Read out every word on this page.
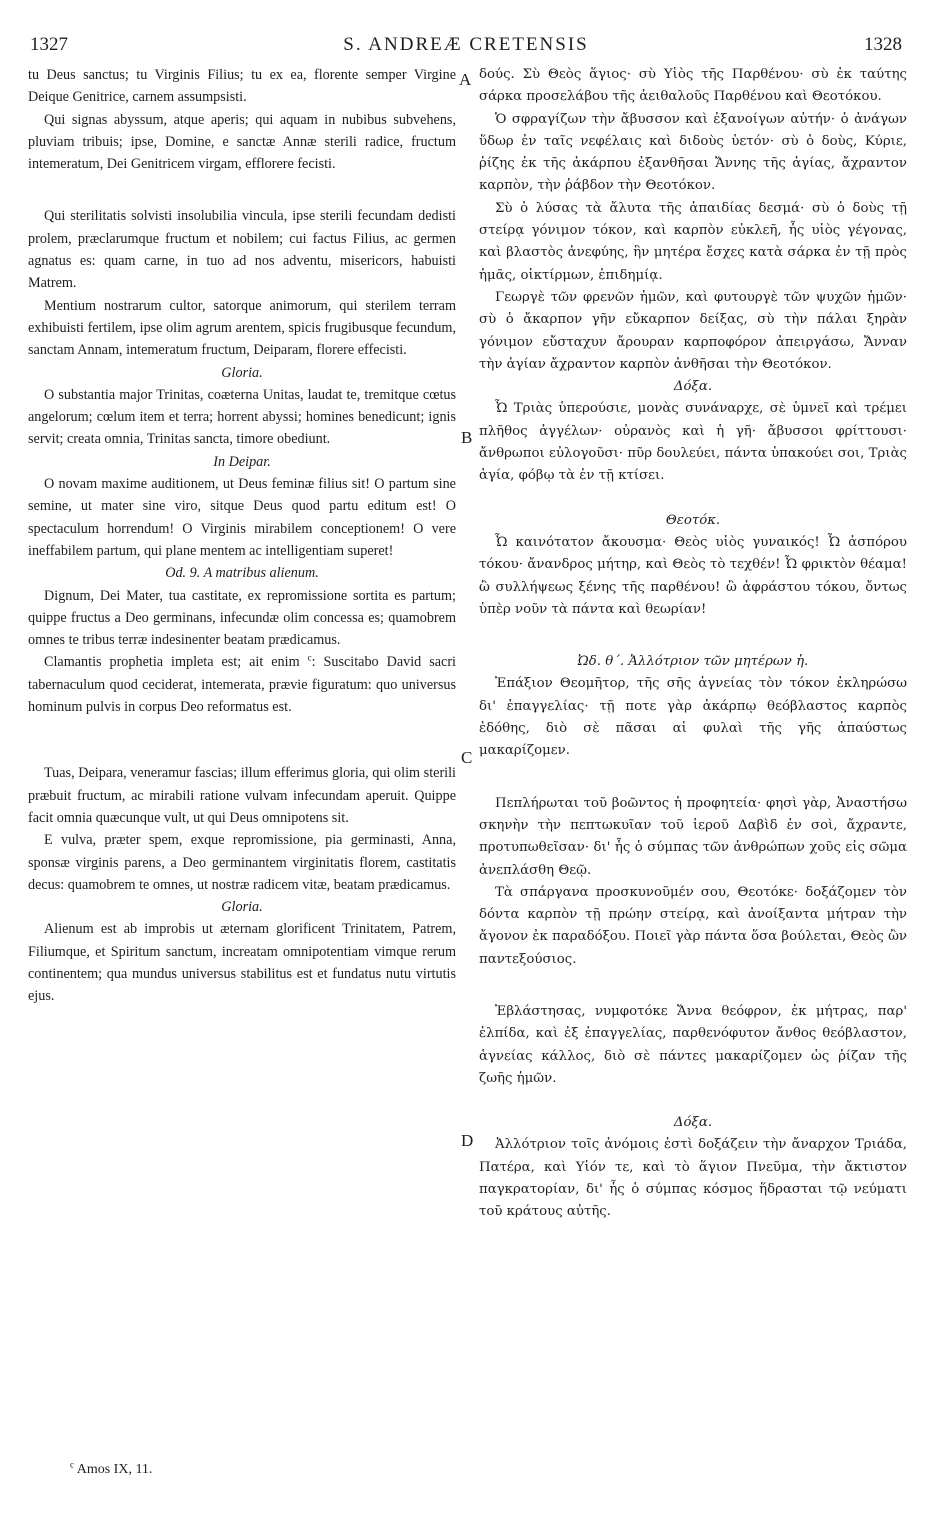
1327	S. ANDREÆ CRETENSIS	1328
A
B
C
D

tu Deus sanctus; tu Virginis Filius; tu ex ea, florente semper Virgine Deique Genitrice, carnem assumpsisti.

Qui signas abyssum, atque aperis; qui aquam in nubibus subvehens, pluviam tribuis; ipse, Domine, e sanctæ Annæ sterili radice, fructum intemeratum, Dei Genitricem virgam, efflorere fecisti.

Qui sterilitatis solvisti insolubilia vincula, ipse sterili fecundam dedisti prolem, præclarumque fructum et nobilem; cui factus Filius, ac germen agnatus es: quam carne, in tuo ad nos adventu, misericors, habuisti Matrem.

Mentium nostrarum cultor, satorque animorum, qui sterilem terram exhibuisti fertilem, ipse olim agrum arentem, spicis frugibusque fecundum, sanctam Annam, intemeratum fructum, Deiparam, florere effecisti.

Gloria.

O substantia major Trinitas, coæterna Unitas, laudat te, tremitque cœtus angelorum; cœlum item et terra; horrent abyssi; homines benedicunt; ignis servit; creata omnia, Trinitas sancta, timore obediunt.

In Deipar.

O novam maxime auditionem, ut Deus feminæ filius sit! O partum sine semine, ut mater sine viro, sitque Deus quod partu editum est! O spectaculum horrendum! O Virginis mirabilem conceptionem! O vere ineffabilem partum, qui plane mentem ac intelligentiam superet!

Od. 9. A matribus alienum.

Dignum, Dei Mater, tua castitate, ex repromissione sortita es partum; quippe fructus a Deo germinans, infecundæ olim concessa es; quamobrem omnes te tribus terræ indesinenter beatam prædicamus.

Clamantis prophetia impleta est; ait enim $^c$: Suscitabo David sacri tabernaculum quod ceciderat, intemerata, prævie figuratum: quo universus hominum pulvis in corpus Deo reformatus est.

Tuas, Deipara, veneramur fascias; illum efferimus gloria, qui olim sterili præbuit fructum, ac mirabili ratione vulvam infecundam aperuit. Quippe facit omnia quæcunque vult, ut qui Deus omnipotens sit.

E vulva, præter spem, exque repromissione, pia germinasti, Anna, sponsæ virginis parens, a Deo germinantem virginitatis florem, castitatis decus: quamobrem te omnes, ut nostræ radicem vitæ, beatam prædicamus.

Gloria.

Alienum est ab improbis ut æternam glorificent Trinitatem, Patrem, Filiumque, et Spiritum sanctum, increatam omnipotentiam vimque rerum continentem; qua mundus universus stabilitus est et fundatus nutu virtutis ejus.

δούς. Σὺ Θεὸς ἅγιος· σὺ Υἱὸς τῆς Παρθένου· σὺ ἐκ ταύτης σάρκα προσελάβου τῆς ἀειθαλοῦς Παρθένου καὶ Θεοτόκου.

Ὁ σφραγίζων τὴν ἄβυσσον καὶ ἐξανοίγων αὐτήν· ὁ ἀνάγων ὕδωρ ἐν ταῖς νεφέλαις καὶ διδοὺς ὑετόν· σὺ ὁ δοὺς, Κύριε, ῥίζης ἐκ τῆς ἀκάρπου ἐξανθῆσαι Ἄννης τῆς ἁγίας, ἄχραντον καρπὸν, τὴν ῥάβδον τὴν Θεοτόκον.

Σὺ ὁ λύσας τὰ ἄλυτα τῆς ἀπαιδίας δεσμά· σὺ ὁ δοὺς τῇ στείρᾳ γόνιμον τόκον, καὶ καρπὸν εὐκλεῆ, ἧς υἱὸς γέγονας, καὶ βλαστὸς ἀνεφύης, ἣν μητέρα ἔσχες κατὰ σάρκα ἐν τῇ πρὸς ἡμᾶς, οἰκτίρμων, ἐπιδημίᾳ.

Γεωργὲ τῶν φρενῶν ἡμῶν, καὶ φυτουργὲ τῶν ψυχῶν ἡμῶν· σὺ ὁ ἄκαρπον γῆν εὔκαρπον δείξας, σὺ τὴν πάλαι ξηρὰν γόνιμον εὔσταχυν ἄρουραν καρποφόρον ἀπειργάσω, Ἄνναν τὴν ἁγίαν ἄχραντον καρπὸν ἀνθῆσαι τὴν Θεοτόκον.

Δόξα.

Ὦ Τριὰς ὑπερούσιε, μονὰς συνάναρχε, σὲ ὑμνεῖ καὶ τρέμει πλῆθος ἀγγέλων· οὐρανὸς καὶ ἡ γῆ· ἄβυσσοι φρίττουσι· ἄνθρωποι εὐλογοῦσι· πῦρ δουλεύει, πάντα ὑπακούει σοι, Τριὰς ἁγία, φόβῳ τὰ ἐν τῇ κτίσει.

Θεοτόκ.

Ὦ καινότατον ἄκουσμα· Θεὸς υἱὸς γυναικός! Ὦ ἀσπόρου τόκου· ἄνανδρος μήτηρ, καὶ Θεὸς τὸ τεχθέν! Ὦ φρικτὸν θέαμα! ὢ συλλήψεως ξένης τῆς παρθένου! ὢ ἀφράστου τόκου, ὄντως ὑπὲρ νοῦν τὰ πάντα καὶ θεωρίαν!

Ὠδ. θ´. Ἀλλότριον τῶν μητέρων ἡ.

Ἐπάξιον Θεομῆτορ, τῆς σῆς ἁγνείας τὸν τόκον ἐκληρώσω δι' ἐπαγγελίας· τῇ ποτε γὰρ ἀκάρπῳ θεόβλαστος καρπὸς ἐδόθης, διὸ σὲ πᾶσαι αἱ φυλαὶ τῆς γῆς ἀπαύστως μακαρίζομεν.

Πεπλήρωται τοῦ βοῶντος ἡ προφητεία· φησὶ γὰρ, Ἀναστήσω σκηνὴν τὴν πεπτωκυῖαν τοῦ ἱεροῦ Δαβὶδ ἐν σοὶ, ἄχραντε, προτυπωθεῖσαν· δι' ἧς ὁ σύμπας τῶν ἀνθρώπων χοῦς εἰς σῶμα ἀνεπλάσθη Θεῷ.

Τὰ σπάργανα προσκυνοῦμέν σου, Θεοτόκε· δοξάζομεν τὸν δόντα καρπὸν τῇ πρώην στείρᾳ, καὶ ἀνοίξαντα μήτραν τὴν ἄγονον ἐκ παραδόξου. Ποιεῖ γὰρ πάντα ὅσα βούλεται, Θεὸς ὢν παντεξούσιος.

Ἐβλάστησας, νυμφοτόκε Ἄννα θεόφρον, ἐκ μήτρας, παρ' ἐλπίδα, καὶ ἐξ ἐπαγγελίας, παρθενόφυτον ἄνθος θεόβλαστον, ἁγνείας κάλλος, διὸ σὲ πάντες μακαρίζομεν ὡς ῥίζαν τῆς ζωῆς ἡμῶν.

Δόξα.

Ἀλλότριον τοῖς ἀνόμοις ἐστὶ δοξάζειν τὴν ἄναρχον Τριάδα, Πατέρα, καὶ Υἱόν τε, καὶ τὸ ἅγιον Πνεῦμα, τὴν ἄκτιστον παγκρατορίαν, δι' ἧς ὁ σύμπας κόσμος ἥδρασται τῷ νεύματι τοῦ κράτους αὐτῆς.

$^c$ Amos IX, 11.
